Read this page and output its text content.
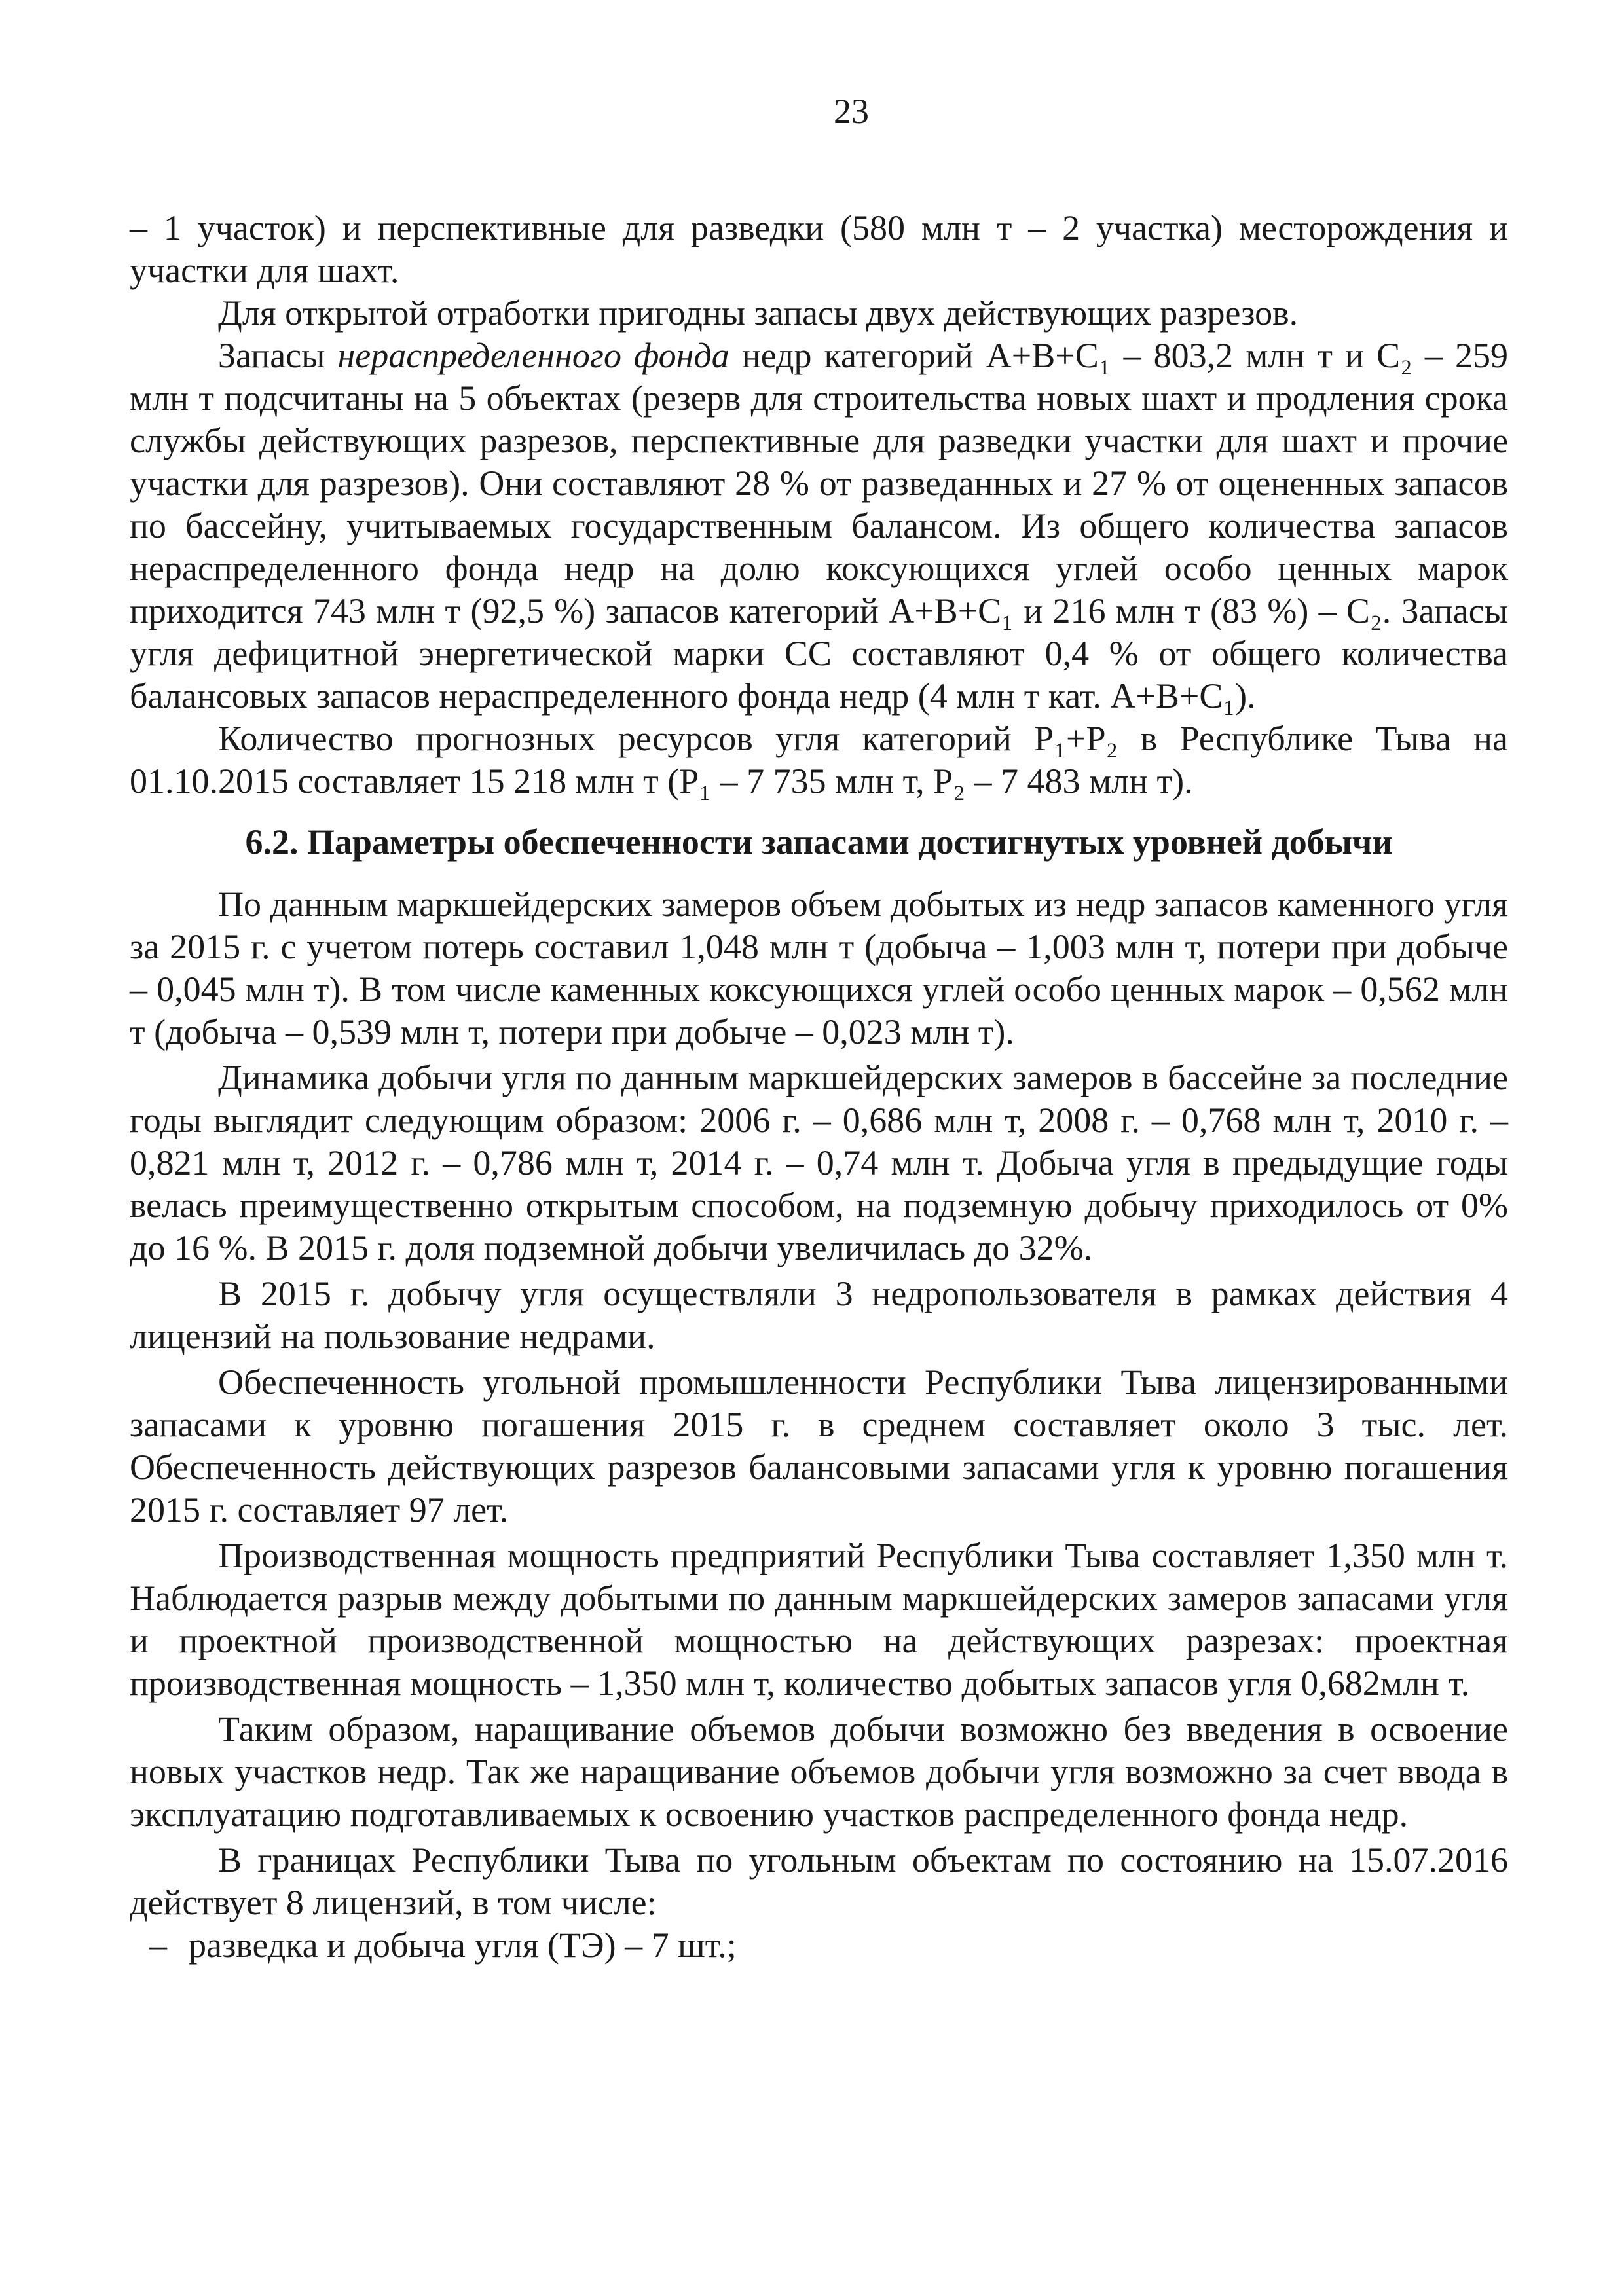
23

– 1 участок) и перспективные для разведки (580 млн т – 2 участка) месторождения и участки для шахт.

Для открытой отработки пригодны запасы двух действующих разрезов.

Запасы нераспределенного фонда недр категорий А+В+С₁ – 803,2 млн т и С₂ – 259 млн т подсчитаны на 5 объектах (резерв для строительства новых шахт и продления срока службы действующих разрезов, перспективные для разведки участки для шахт и прочие участки для разрезов). Они составляют 28 % от разведанных и 27 % от оцененных запасов по бассейну, учитываемых государственным балансом. Из общего количества запасов нераспределенного фонда недр на долю коксующихся углей особо ценных марок приходится 743 млн т (92,5 %) запасов категорий А+В+С₁ и 216 млн т (83 %) – С₂. Запасы угля дефицитной энергетической марки СС составляют 0,4 % от общего количества балансовых запасов нераспределенного фонда недр (4 млн т кат. А+В+С₁).

Количество прогнозных ресурсов угля категорий Р₁+Р₂ в Республике Тыва на 01.10.2015 составляет 15 218 млн т (Р₁ – 7 735 млн т, Р₂ – 7 483 млн т).

6.2. Параметры обеспеченности запасами достигнутых уровней добычи

По данным маркшейдерских замеров объем добытых из недр запасов каменного угля за 2015 г. с учетом потерь составил 1,048 млн т (добыча – 1,003 млн т, потери при добыче – 0,045 млн т). В том числе каменных коксующихся углей особо ценных марок – 0,562 млн т (добыча – 0,539 млн т, потери при добыче – 0,023 млн т).

Динамика добычи угля по данным маркшейдерских замеров в бассейне за последние годы выглядит следующим образом: 2006 г. – 0,686 млн т, 2008 г. – 0,768 млн т, 2010 г. – 0,821 млн т, 2012 г. – 0,786 млн т, 2014 г. – 0,74 млн т. Добыча угля в предыдущие годы велась преимущественно открытым способом, на подземную добычу приходилось от 0% до 16 %. В 2015 г. доля подземной добычи увеличилась до 32%.

В 2015 г. добычу угля осуществляли 3 недропользователя в рамках действия 4 лицензий на пользование недрами.

Обеспеченность угольной промышленности Республики Тыва лицензированными запасами к уровню погашения 2015 г. в среднем составляет около 3 тыс. лет. Обеспеченность действующих разрезов балансовыми запасами угля к уровню погашения 2015 г. составляет 97 лет.

Производственная мощность предприятий Республики Тыва составляет 1,350 млн т. Наблюдается разрыв между добытыми по данным маркшейдерских замеров запасами угля и проектной производственной мощностью на действующих разрезах: проектная производственная мощность – 1,350 млн т, количество добытых запасов угля 0,682млн т.

Таким образом, наращивание объемов добычи возможно без введения в освоение новых участков недр. Так же наращивание объемов добычи угля возможно за счет ввода в эксплуатацию подготавливаемых к освоению участков распределенного фонда недр.

В границах Республики Тыва по угольным объектам по состоянию на 15.07.2016 действует 8 лицензий, в том числе:

– разведка и добыча угля (ТЭ) – 7 шт.;
